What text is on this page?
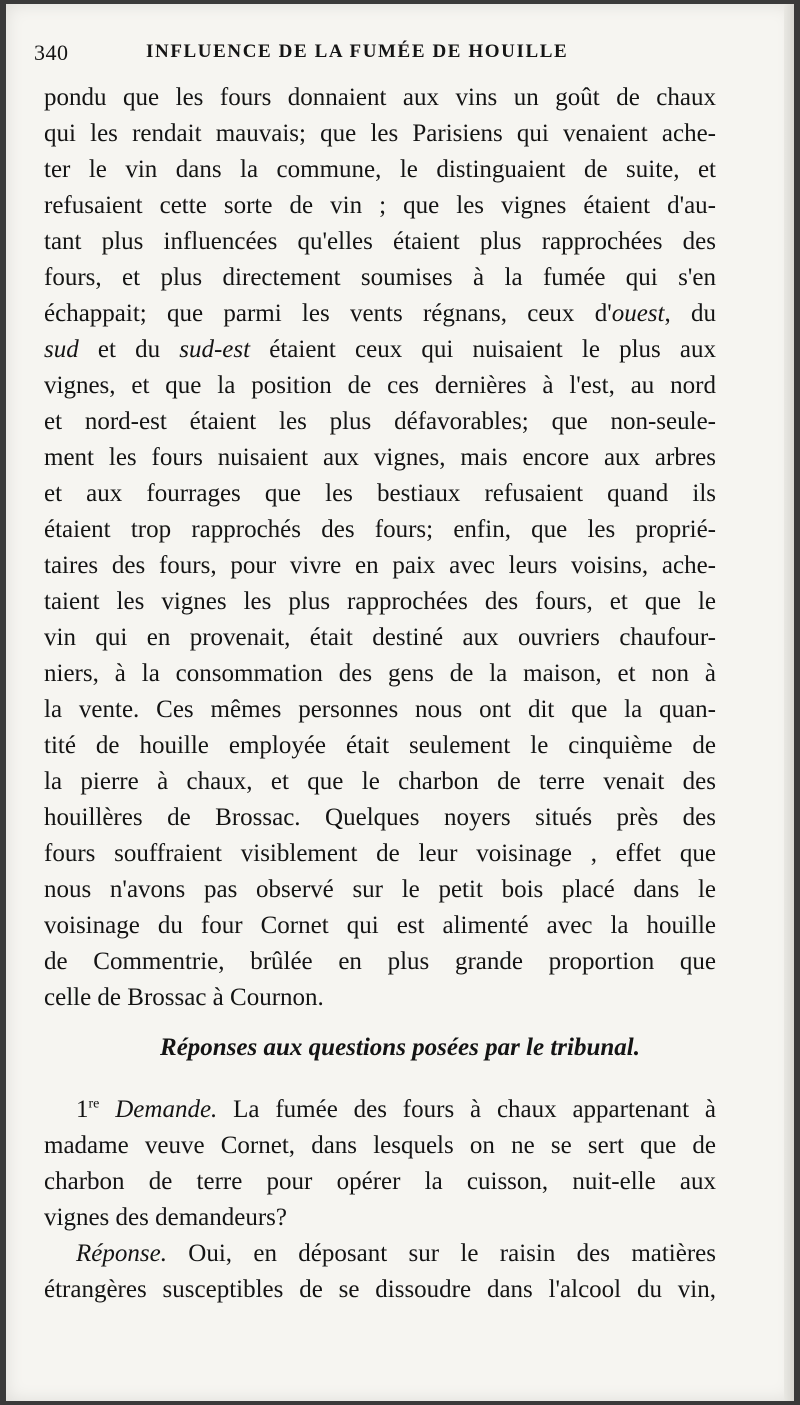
340	INFLUENCE DE LA FUMÉE DE HOUILLE
pondu que les fours donnaient aux vins un goût de chaux
qui les rendait mauvais; que les Parisiens qui venaient ache-
ter le vin dans la commune, le distinguaient de suite, et
refusaient cette sorte de vin ; que les vignes étaient d'au-
tant plus influencées qu'elles étaient plus rapprochées des
fours, et plus directement soumises à la fumée qui s'en
échappait; que parmi les vents régnans, ceux d'ouest, du
sud et du sud-est étaient ceux qui nuisaient le plus aux
vignes, et que la position de ces dernières à l'est, au nord
et nord-est étaient les plus défavorables; que non-seule-
ment les fours nuisaient aux vignes, mais encore aux arbres
et aux fourrages que les bestiaux refusaient quand ils
étaient trop rapprochés des fours; enfin, que les proprié-
taires des fours, pour vivre en paix avec leurs voisins, ache-
taient les vignes les plus rapprochées des fours, et que le
vin qui en provenait, était destiné aux ouvriers chaufour-
niers, à la consommation des gens de la maison, et non à
la vente. Ces mêmes personnes nous ont dit que la quan-
tité de houille employée était seulement le cinquième de
la pierre à chaux, et que le charbon de terre venait des
houillères de Brossac. Quelques noyers situés près des
fours souffraient visiblement de leur voisinage , effet que
nous n'avons pas observé sur le petit bois placé dans le
voisinage du four Cornet qui est alimenté avec la houille
de Commentrie, brûlée en plus grande proportion que
celle de Brossac à Cournon.
Réponses aux questions posées par le tribunal.
1re Demande. La fumée des fours à chaux appartenant à
madame veuve Cornet, dans lesquels on ne se sert que de
charbon de terre pour opérer la cuisson, nuit-elle aux
vignes des demandeurs?
Réponse. Oui, en déposant sur le raisin des matières
étrangères susceptibles de se dissoudre dans l'alcool du vin,
